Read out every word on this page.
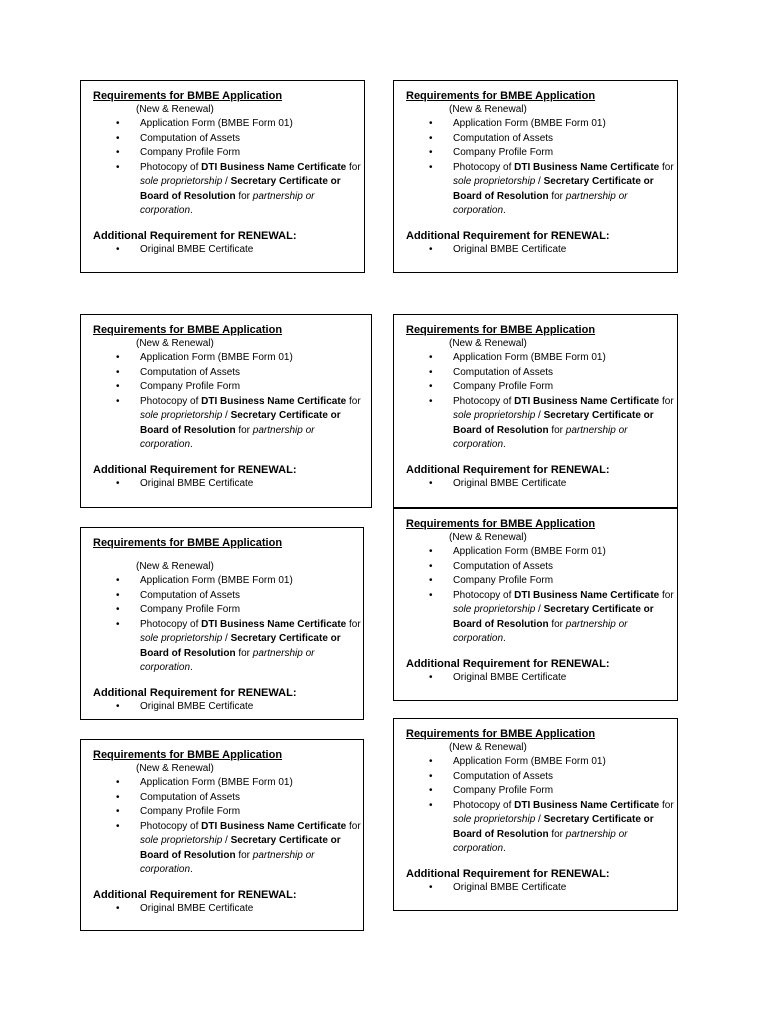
Requirements for BMBE Application
(New & Renewal)
• Application Form (BMBE Form 01)
• Computation of Assets
• Company Profile Form
• Photocopy of DTI Business Name Certificate for sole proprietorship / Secretary Certificate or Board of Resolution for partnership or corporation.
Additional Requirement for RENEWAL:
• Original BMBE Certificate
Requirements for BMBE Application
(New & Renewal)
• Application Form (BMBE Form 01)
• Computation of Assets
• Company Profile Form
• Photocopy of DTI Business Name Certificate for sole proprietorship / Secretary Certificate or Board of Resolution for partnership or corporation.
Additional Requirement for RENEWAL:
• Original BMBE Certificate
Requirements for BMBE Application
(New & Renewal)
• Application Form (BMBE Form 01)
• Computation of Assets
• Company Profile Form
• Photocopy of DTI Business Name Certificate for sole proprietorship / Secretary Certificate or Board of Resolution for partnership or corporation.
Additional Requirement for RENEWAL:
• Original BMBE Certificate
Requirements for BMBE Application
(New & Renewal)
• Application Form (BMBE Form 01)
• Computation of Assets
• Company Profile Form
• Photocopy of DTI Business Name Certificate for sole proprietorship / Secretary Certificate or Board of Resolution for partnership or corporation.
Additional Requirement for RENEWAL:
• Original BMBE Certificate
Requirements for BMBE Application
(New & Renewal)
• Application Form (BMBE Form 01)
• Computation of Assets
• Company Profile Form
• Photocopy of DTI Business Name Certificate for sole proprietorship / Secretary Certificate or Board of Resolution for partnership or corporation.
Additional Requirement for RENEWAL:
• Original BMBE Certificate
Requirements for BMBE Application
(New & Renewal)
• Application Form (BMBE Form 01)
• Computation of Assets
• Company Profile Form
• Photocopy of DTI Business Name Certificate for sole proprietorship / Secretary Certificate or Board of Resolution for partnership or corporation.
Additional Requirement for RENEWAL:
• Original BMBE Certificate
Requirements for BMBE Application
(New & Renewal)
• Application Form (BMBE Form 01)
• Computation of Assets
• Company Profile Form
• Photocopy of DTI Business Name Certificate for sole proprietorship / Secretary Certificate or Board of Resolution for partnership or corporation.
Additional Requirement for RENEWAL:
• Original BMBE Certificate
Requirements for BMBE Application
(New & Renewal)
• Application Form (BMBE Form 01)
• Computation of Assets
• Company Profile Form
• Photocopy of DTI Business Name Certificate for sole proprietorship / Secretary Certificate or Board of Resolution for partnership or corporation.
Additional Requirement for RENEWAL:
• Original BMBE Certificate
